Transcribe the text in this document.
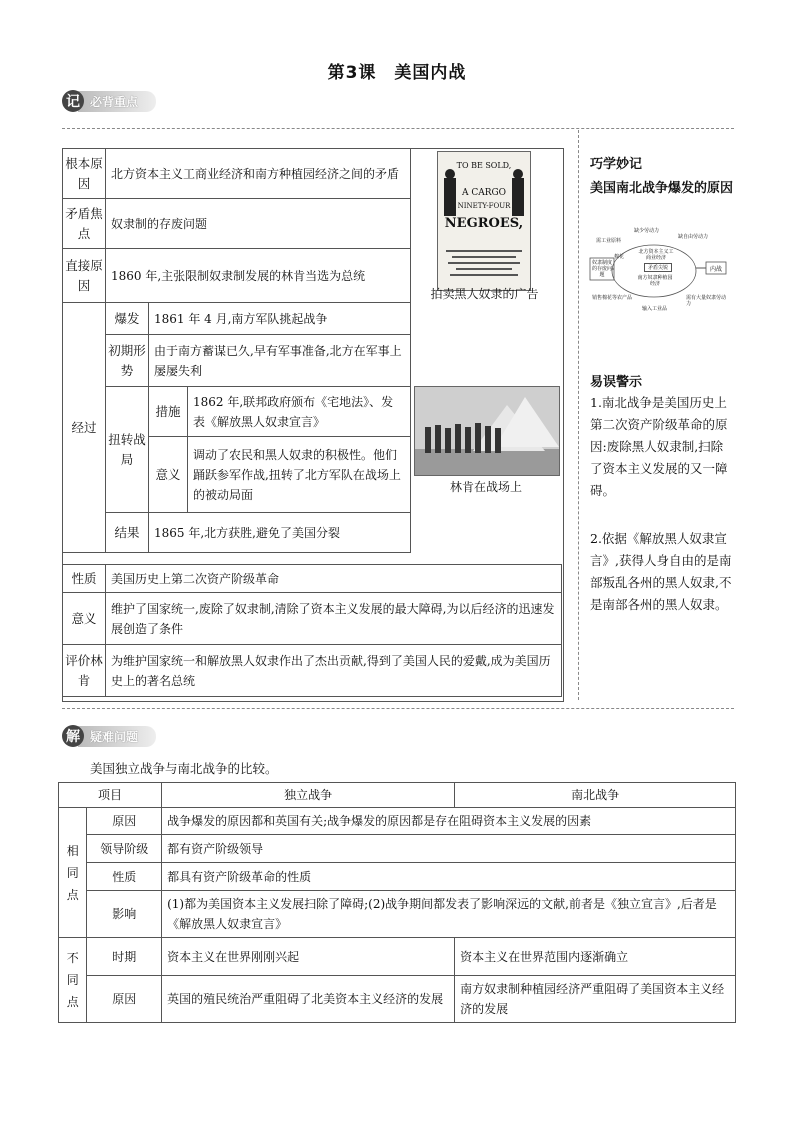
第3课　美国内战
记 必背重点
根本原因	北方资本主义工商业经济和南方种植园经济之间的矛盾		
矛盾焦点	奴隶制的存废问题		
直接原因	1860 年,主张限制奴隶制发展的林肯当选为总统		
经过	爆发	1861 年 4 月,南方军队挑起战争	
	初期形势	由于南方蓄谋已久,早有军事准备,北方在军事上屡屡失利	
	扭转战局	措施	1862 年,联邦政府颁布《宅地法》、发表《解放黑人奴隶宣言》
		意义	调动了农民和黑人奴隶的积极性。他们踊跃参军作战,扭转了北方军队在战场上的被动局面
	结果	1865 年,北方获胜,避免了美国分裂	
性质	美国历史上第二次资产阶级革命
意义	维护了国家统一,废除了奴隶制,清除了资本主义发展的最大障碍,为以后经济的迅速发展创造了条件
评价林肯	为维护国家统一和解放黑人奴隶作出了杰出贡献,得到了美国人民的爱戴,成为美国历史上的著名总统
TO BE SOLD,
A CARGO
NINETY-FOUR
NEGROES,
拍卖黑人奴隶的广告
林肯在战场上
巧学妙记
美国南北战争爆发的原因
北方资本主义工商业经济
矛盾尖锐
南方奴隶种植园经济
奴隶制度的存废问题
内战
缺少劳动力
缺自由劳动力
需工业原料
棉花
销售棉花等农产品
输入工业品
需有大量奴隶劳动力
易误警示
1.南北战争是美国历史上第二次资产阶级革命的原因:废除黑人奴隶制,扫除了资本主义发展的又一障碍。
2.依据《解放黑人奴隶宣言》,获得人身自由的是南部叛乱各州的黑人奴隶,不是南部各州的黑人奴隶。
解 疑难问题
美国独立战争与南北战争的比较。
项目		独立战争	南北战争
相同点	原因	战争爆发的原因都和英国有关;战争爆发的原因都是存在阻碍资本主义发展的因素	
	领导阶级	都有资产阶级领导	
	性质	都具有资产阶级革命的性质	
	影响	(1)都为美国资本主义发展扫除了障碍;(2)战争期间都发表了影响深远的文献,前者是《独立宣言》,后者是《解放黑人奴隶宣言》	
不同点	时期	资本主义在世界刚刚兴起	资本主义在世界范围内逐渐确立
	原因	英国的殖民统治严重阻碍了北美资本主义经济的发展	南方奴隶制种植园经济严重阻碍了美国资本主义经济的发展
